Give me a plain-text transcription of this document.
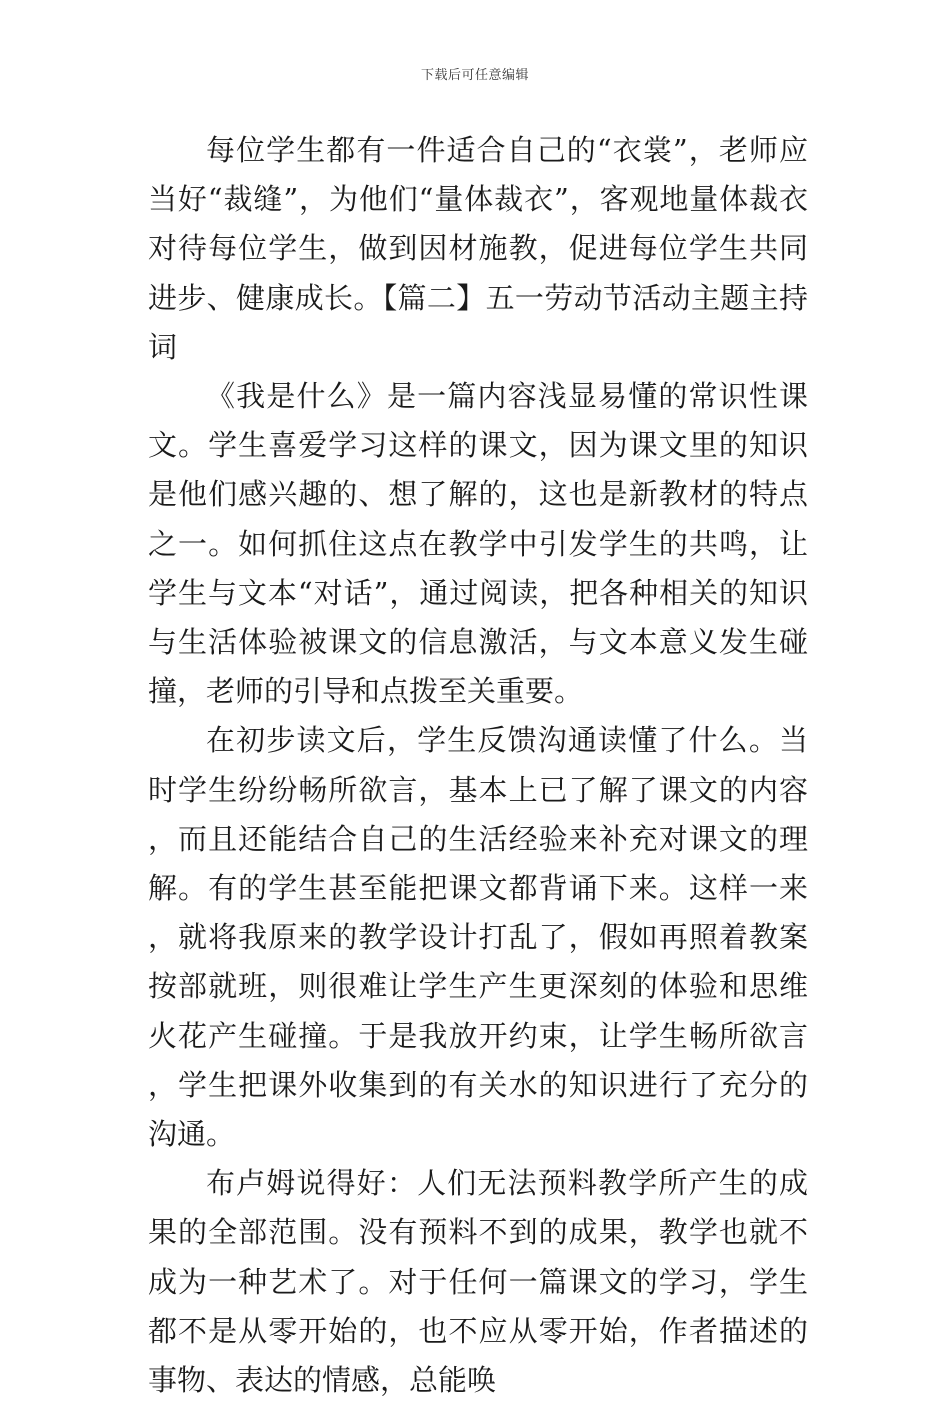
下载后可任意编辑

每位学生都有一件适合自己的“衣裳”，老师应当好“裁缝”，为他们“量体裁衣”，客观地量体裁衣对待每位学生，做到因材施教，促进每位学生共同进步、健康成长。【篇二】五一劳动节活动主题主持词

《我是什么》是一篇内容浅显易懂的常识性课文。学生喜爱学习这样的课文，因为课文里的知识是他们感兴趣的、想了解的，这也是新教材的特点之一。如何抓住这点在教学中引发学生的共鸣，让学生与文本“对话”，通过阅读，把各种相关的知识与生活体验被课文的信息激活，与文本意义发生碰撞，老师的引导和点拨至关重要。

在初步读文后，学生反馈沟通读懂了什么。当时学生纷纷畅所欲言，基本上已了解了课文的内容，而且还能结合自己的生活经验来补充对课文的理解。有的学生甚至能把课文都背诵下来。这样一来，就将我原来的教学设计打乱了，假如再照着教案按部就班，则很难让学生产生更深刻的体验和思维火花产生碰撞。于是我放开约束，让学生畅所欲言，学生把课外收集到的有关水的知识进行了充分的沟通。

布卢姆说得好：人们无法预料教学所产生的成果的全部范围。没有预料不到的成果，教学也就不成为一种艺术了。对于任何一篇课文的学习，学生都不是从零开始的，也不应从零开始，作者描述的事物、表达的情感，总能唤
